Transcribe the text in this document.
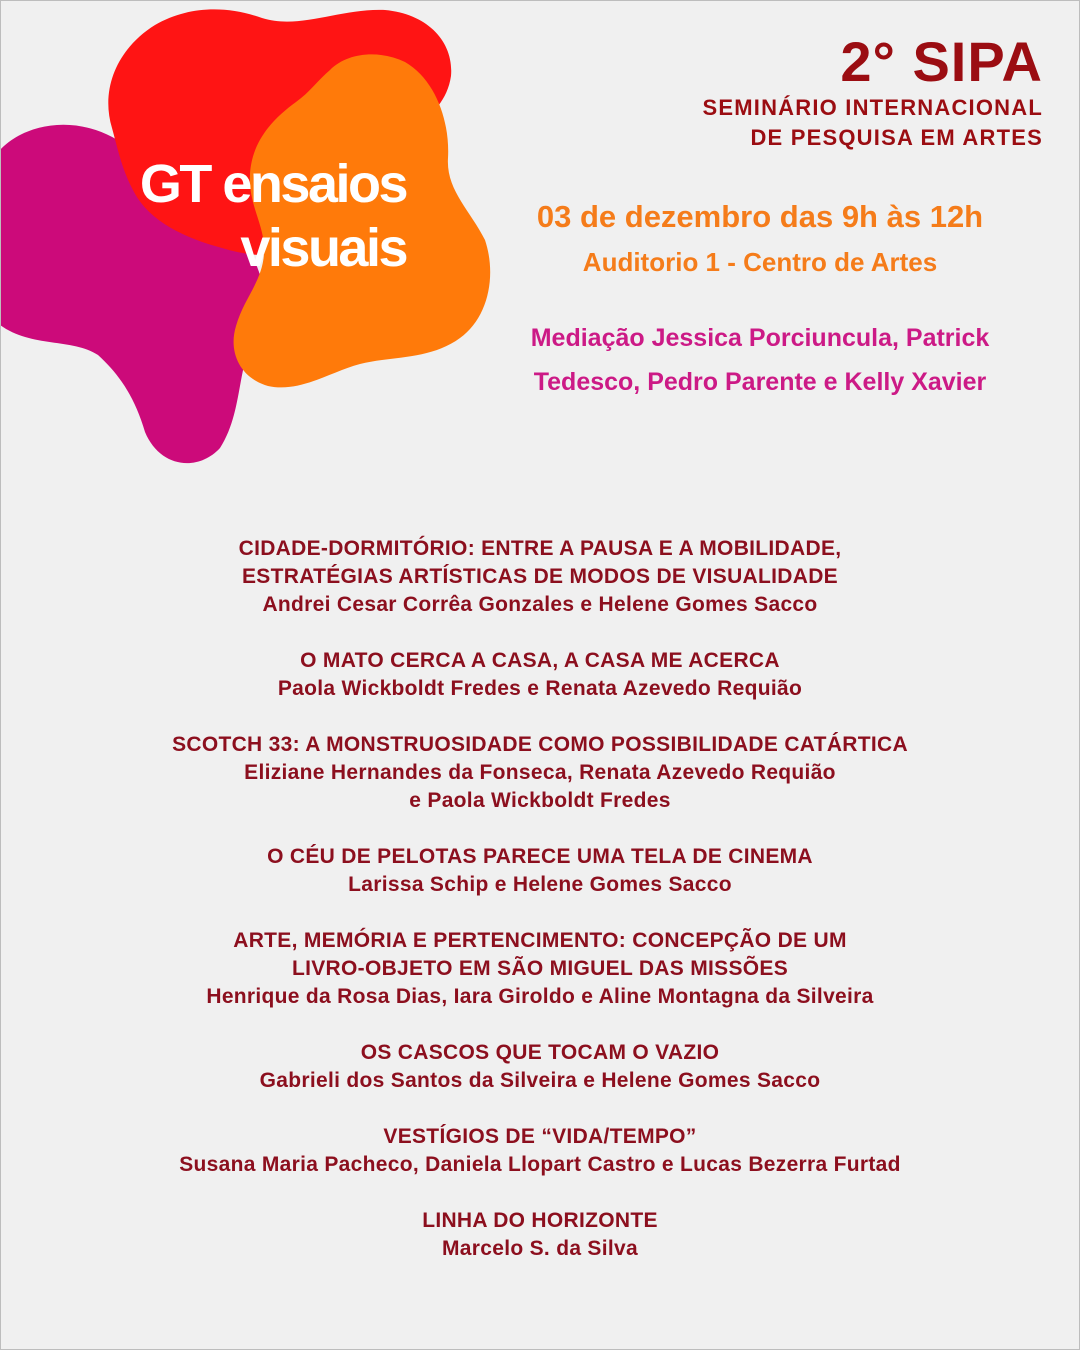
GT ensaios
visuais
2° SIPA
SEMINÁRIO INTERNACIONAL
DE PESQUISA EM ARTES
03 de dezembro das 9h às 12h
Auditorio 1 - Centro de Artes
Mediação Jessica Porciuncula, Patrick
Tedesco, Pedro Parente e Kelly Xavier
CIDADE-DORMITÓRIO: ENTRE A PAUSA E A MOBILIDADE,
ESTRATÉGIAS ARTÍSTICAS DE MODOS DE VISUALIDADE
Andrei Cesar Corrêa Gonzales e Helene Gomes Sacco
O MATO CERCA A CASA, A CASA ME ACERCA
Paola Wickboldt Fredes e Renata Azevedo Requião
SCOTCH 33: A MONSTRUOSIDADE COMO POSSIBILIDADE CATÁRTICA
Eliziane Hernandes da Fonseca, Renata Azevedo Requião
e Paola Wickboldt Fredes
O CÉU DE PELOTAS PARECE UMA TELA DE CINEMA
Larissa Schip e Helene Gomes Sacco
ARTE, MEMÓRIA E PERTENCIMENTO: CONCEPÇÃO DE UM
LIVRO-OBJETO EM SÃO MIGUEL DAS MISSÕES
Henrique da Rosa Dias, Iara Giroldo e Aline Montagna da Silveira
OS CASCOS QUE TOCAM O VAZIO
Gabrieli dos Santos da Silveira e Helene Gomes Sacco
VESTÍGIOS DE “VIDA/TEMPO”
Susana Maria Pacheco, Daniela Llopart Castro e Lucas Bezerra Furtad
LINHA DO HORIZONTE
Marcelo S. da Silva
